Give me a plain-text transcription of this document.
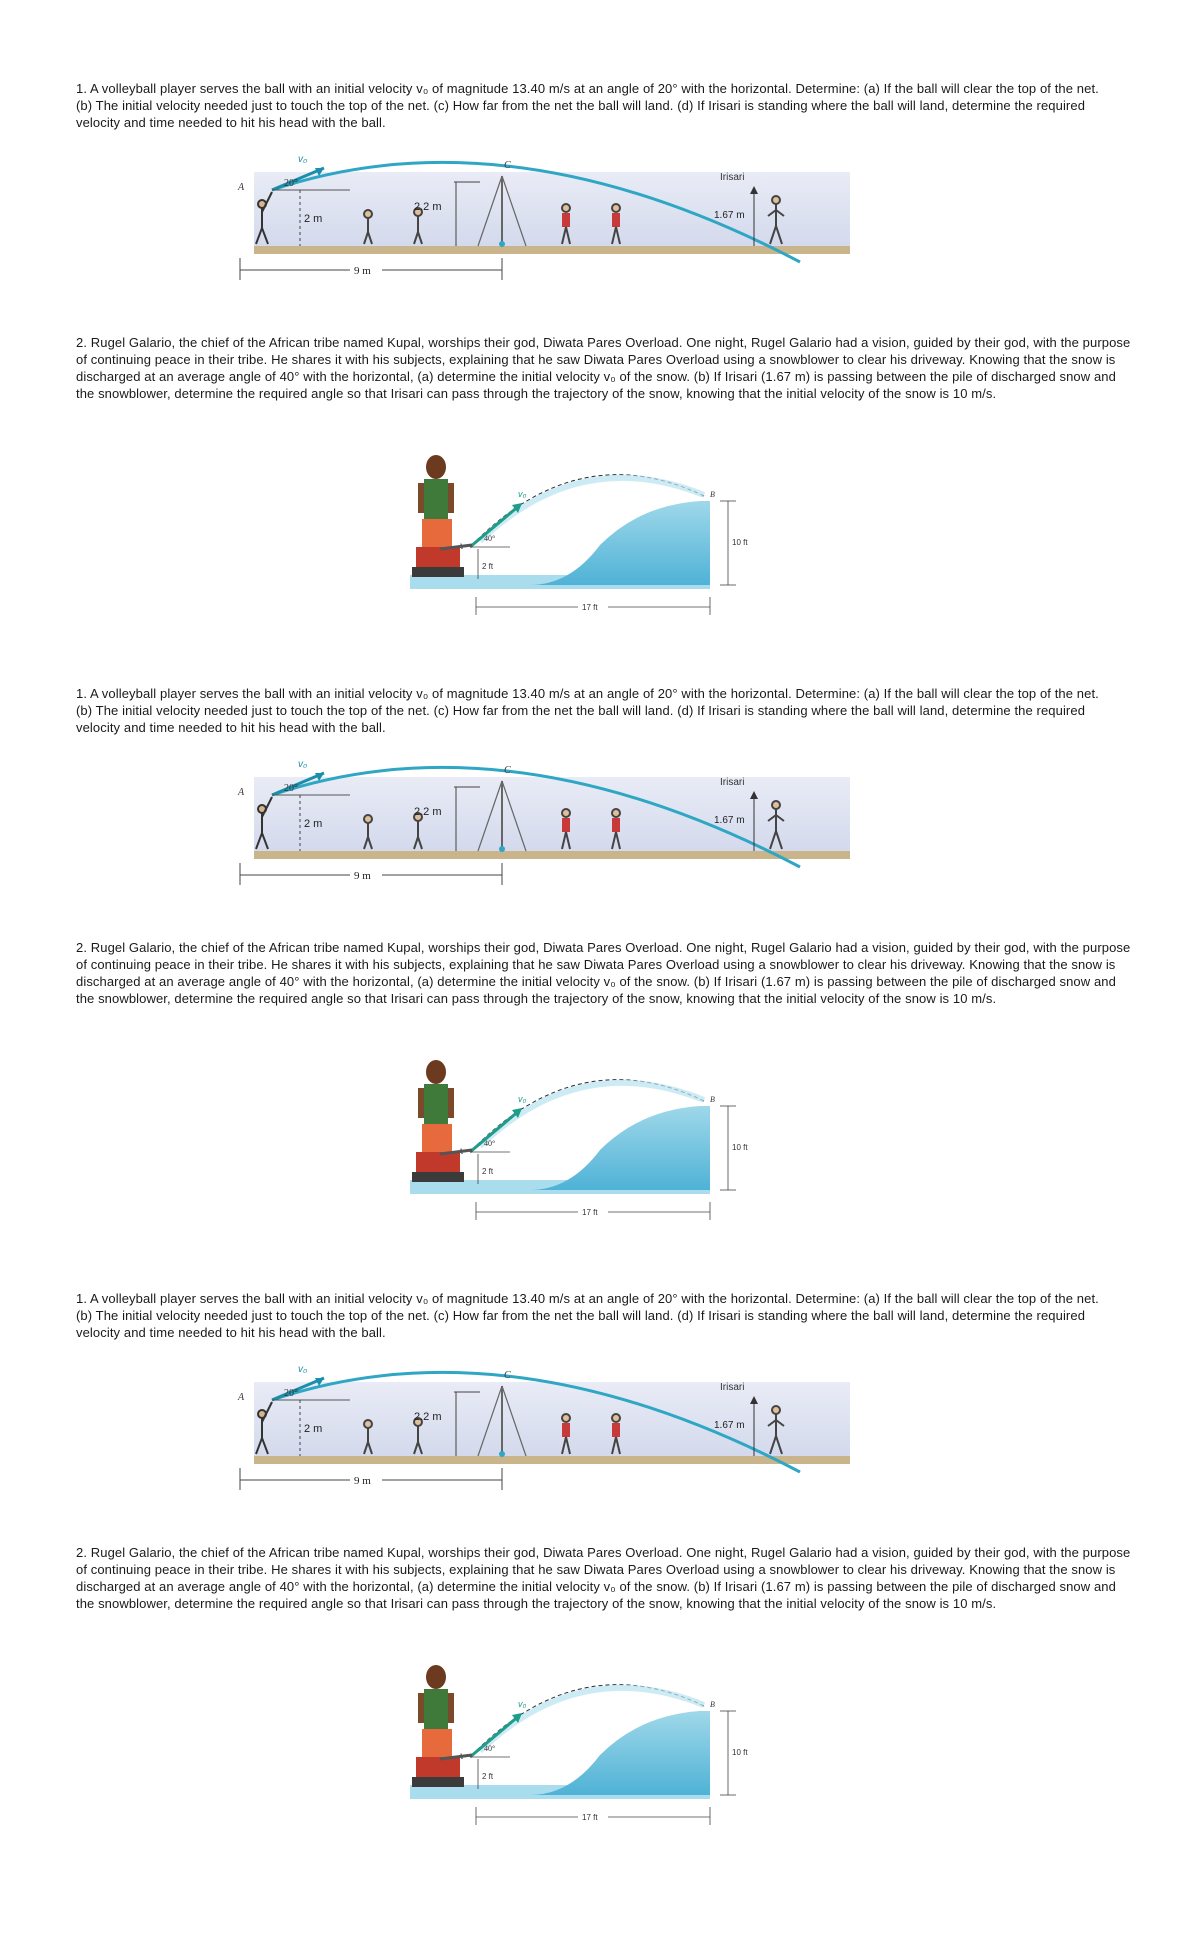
1. A volleyball player serves the ball with an initial velocity v₀ of magnitude 13.40 m/s at an angle of 20° with the horizontal. Determine: (a) If the ball will clear the top of the net. (b) The initial velocity needed just to touch the top of the net. (c) How far from the net the ball will land. (d) If Irisari is standing where the ball will land, determine the required velocity and time needed to hit his head with the ball.

v₀
20°
A
2 m
2.2 m
C
Irisari
1.67 m
9 m

2. Rugel Galario, the chief of the African tribe named Kupal, worships their god, Diwata Pares Overload. One night, Rugel Galario had a vision, guided by their god, with the purpose of continuing peace in their tribe. He shares it with his subjects, explaining that he saw Diwata Pares Overload using a snowblower to clear his driveway. Knowing that the snow is discharged at an average angle of 40° with the horizontal, (a) determine the initial velocity v₀ of the snow. (b) If Irisari (1.67 m) is passing between the pile of discharged snow and the snowblower, determine the required angle so that Irisari can pass through the trajectory of the snow, knowing that the initial velocity of the snow is 10 m/s.

v₀
40°
2 ft
B
10 ft
17 ft

1. A volleyball player serves the ball with an initial velocity v₀ of magnitude 13.40 m/s at an angle of 20° with the horizontal. Determine: (a) If the ball will clear the top of the net. (b) The initial velocity needed just to touch the top of the net. (c) How far from the net the ball will land. (d) If Irisari is standing where the ball will land, determine the required velocity and time needed to hit his head with the ball.

v₀
20°
A
2 m
2.2 m
C
Irisari
1.67 m
9 m

2. Rugel Galario, the chief of the African tribe named Kupal, worships their god, Diwata Pares Overload. One night, Rugel Galario had a vision, guided by their god, with the purpose of continuing peace in their tribe. He shares it with his subjects, explaining that he saw Diwata Pares Overload using a snowblower to clear his driveway. Knowing that the snow is discharged at an average angle of 40° with the horizontal, (a) determine the initial velocity v₀ of the snow. (b) If Irisari (1.67 m) is passing between the pile of discharged snow and the snowblower, determine the required angle so that Irisari can pass through the trajectory of the snow, knowing that the initial velocity of the snow is 10 m/s.

v₀
40°
2 ft
B
10 ft
17 ft

1. A volleyball player serves the ball with an initial velocity v₀ of magnitude 13.40 m/s at an angle of 20° with the horizontal. Determine: (a) If the ball will clear the top of the net. (b) The initial velocity needed just to touch the top of the net. (c) How far from the net the ball will land. (d) If Irisari is standing where the ball will land, determine the required velocity and time needed to hit his head with the ball.

v₀
20°
A
2 m
2.2 m
C
Irisari
1.67 m
9 m

2. Rugel Galario, the chief of the African tribe named Kupal, worships their god, Diwata Pares Overload. One night, Rugel Galario had a vision, guided by their god, with the purpose of continuing peace in their tribe. He shares it with his subjects, explaining that he saw Diwata Pares Overload using a snowblower to clear his driveway. Knowing that the snow is discharged at an average angle of 40° with the horizontal, (a) determine the initial velocity v₀ of the snow. (b) If Irisari (1.67 m) is passing between the pile of discharged snow and the snowblower, determine the required angle so that Irisari can pass through the trajectory of the snow, knowing that the initial velocity of the snow is 10 m/s.

v₀
40°
2 ft
B
10 ft
17 ft
